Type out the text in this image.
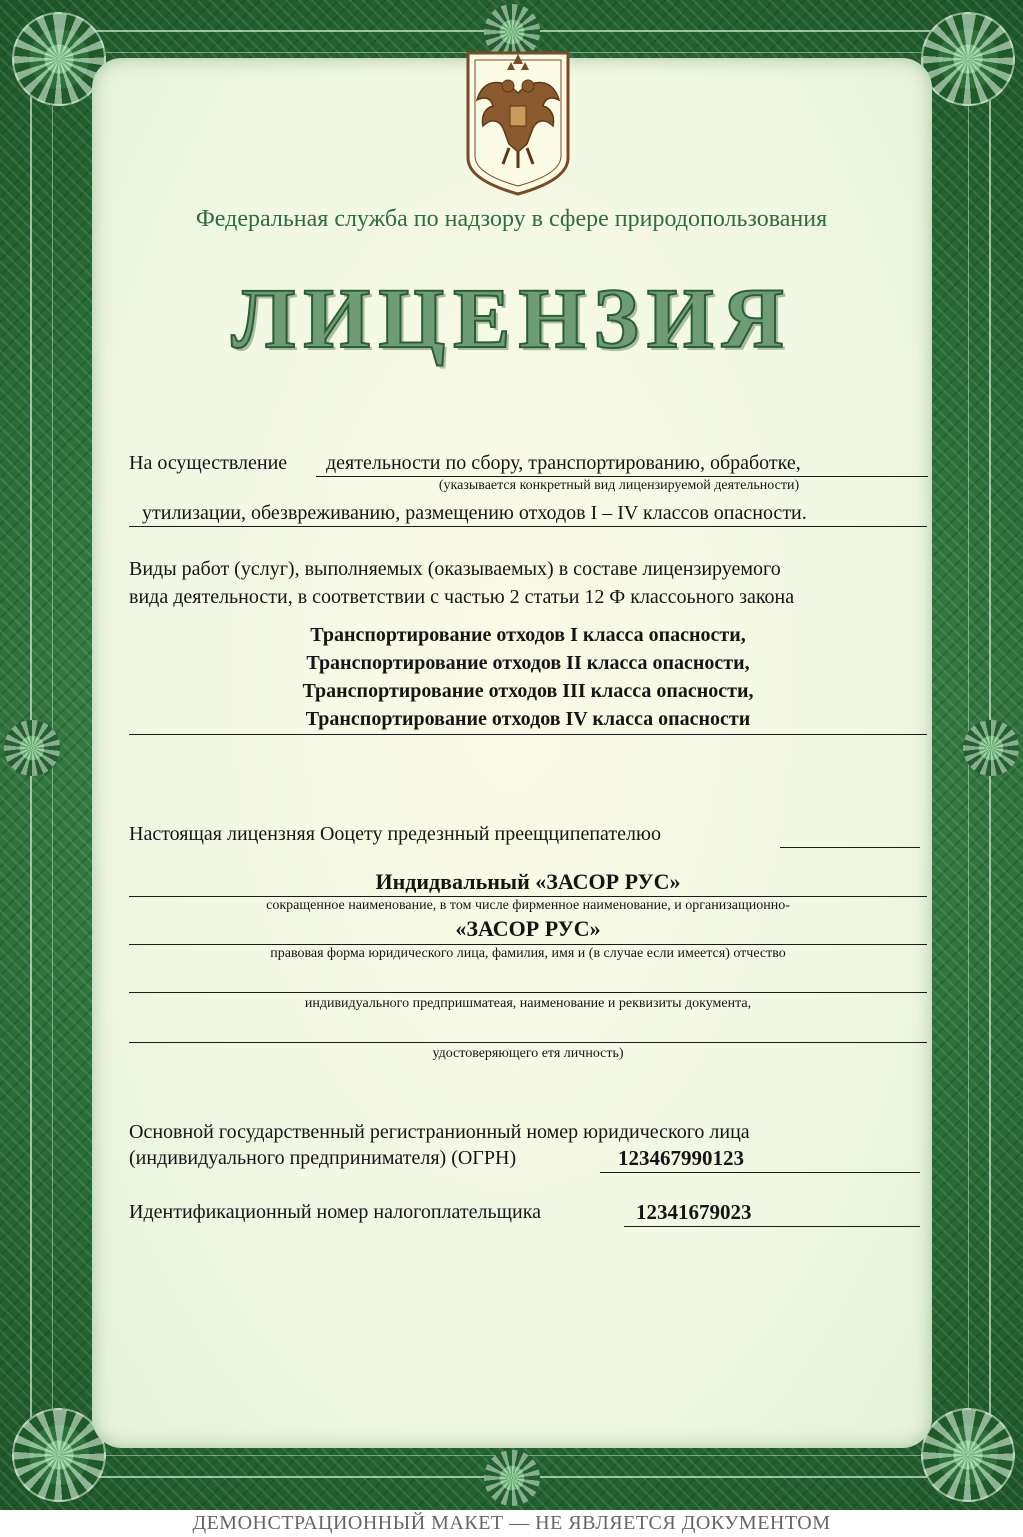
Федеральная служба по надзору в сфере природопользования
ЛИЦЕНЗИЯ
На осуществление деятельности по сбору, транспортированию, обработке,
(указывается конкретный вид лицензируемой деятельности)
утилизации, обезвреживанию, размещению отходов I – IV классов опасности.
Виды работ (услуг), выполняемых (оказываемых) в составе лицензируемого
вида деятельности, в соответствии с частью 2 статьи 12 Ф классоьного закона
Транспортирование отходов I класса опасности,
Транспортирование отходов II класса опасности,
Транспортирование отходов III класса опасности,
Транспортирование отходов IV класса опасности
Настоящая лицензняя Ооцету предезнный преещципепателюо
Индидвальный «ЗАСОР РУС»
сокращенное наименование, в том числе фирменное наименование, и организащионно-
«ЗАСОР РУС»
правовая форма юридического лица, фамилия, имя и (в случае если имеется) отчество
индивидуального предпришматеая, наименование и реквизиты документа,
удостоверяющего етя личность)
Основной государственный регистранионный номер юридического лица
(индивидуального предпринимателя) (ОГРН)	123467990123
Идентификационный номер налогоплательщика	12341679023
ДЕМОНСТРАЦИОННЫЙ МАКЕТ — НЕ ЯВЛЯЕТСЯ ДОКУМЕНТОМ
